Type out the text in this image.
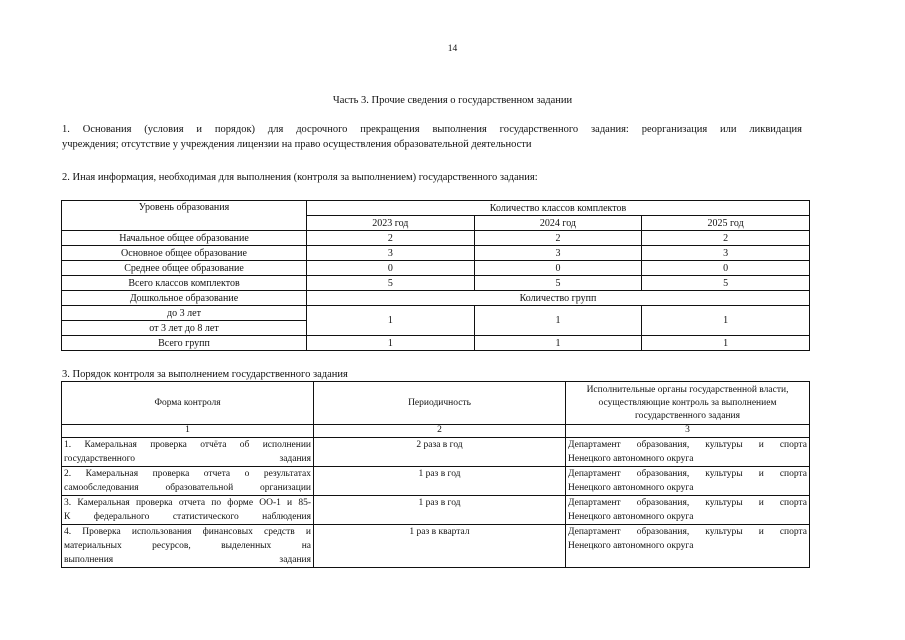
14
Часть 3. Прочие сведения о государственном задании
1. Основания (условия и порядок) для досрочного прекращения выполнения государственного задания: реорганизация или ликвидация
учреждения; отсутствие у учреждения лицензии на право осуществления образовательной деятельности
2. Иная информация, необходимая для выполнения (контроля за выполнением) государственного задания:
Уровень образования	Количество классов комплектов		
	2023 год	2024 год	2025 год
Начальное общее образование	2	2	2
Основное общее образование	3	3	3
Среднее общее образование	0	0	0
Всего классов комплектов	5	5	5
Дошкольное образование	Количество групп		
до 3 лет	1	1	1
от 3 лет до 8 лет			
Всего групп	1	1	1
3. Порядок контроля за выполнением государственного задания
Форма контроля	Периодичность	Исполнительные органы государственной власти, осуществляющие контроль за выполнением государственного задания
1	2	3

1. Камеральная проверка отчёта об исполнении
государственного задания	2 раза в год	Департамент образования, культуры и спорта
Ненецкого автономного округа

2. Камеральная проверка отчета о результатах
самообследования образовательной организации	1 раз в год	Департамент образования, культуры и спорта
Ненецкого автономного округа

3. Камеральная проверка отчета по форме ОО-1 и 85-
К федерального статистического наблюдения	1 раз в год	Департамент образования, культуры и спорта
Ненецкого автономного округа

4. Проверка использования финансовых средств и
материальных ресурсов, выделенных на
выполнения задания	1 раз в квартал	Департамент образования, культуры и спорта
Ненецкого автономного округа
